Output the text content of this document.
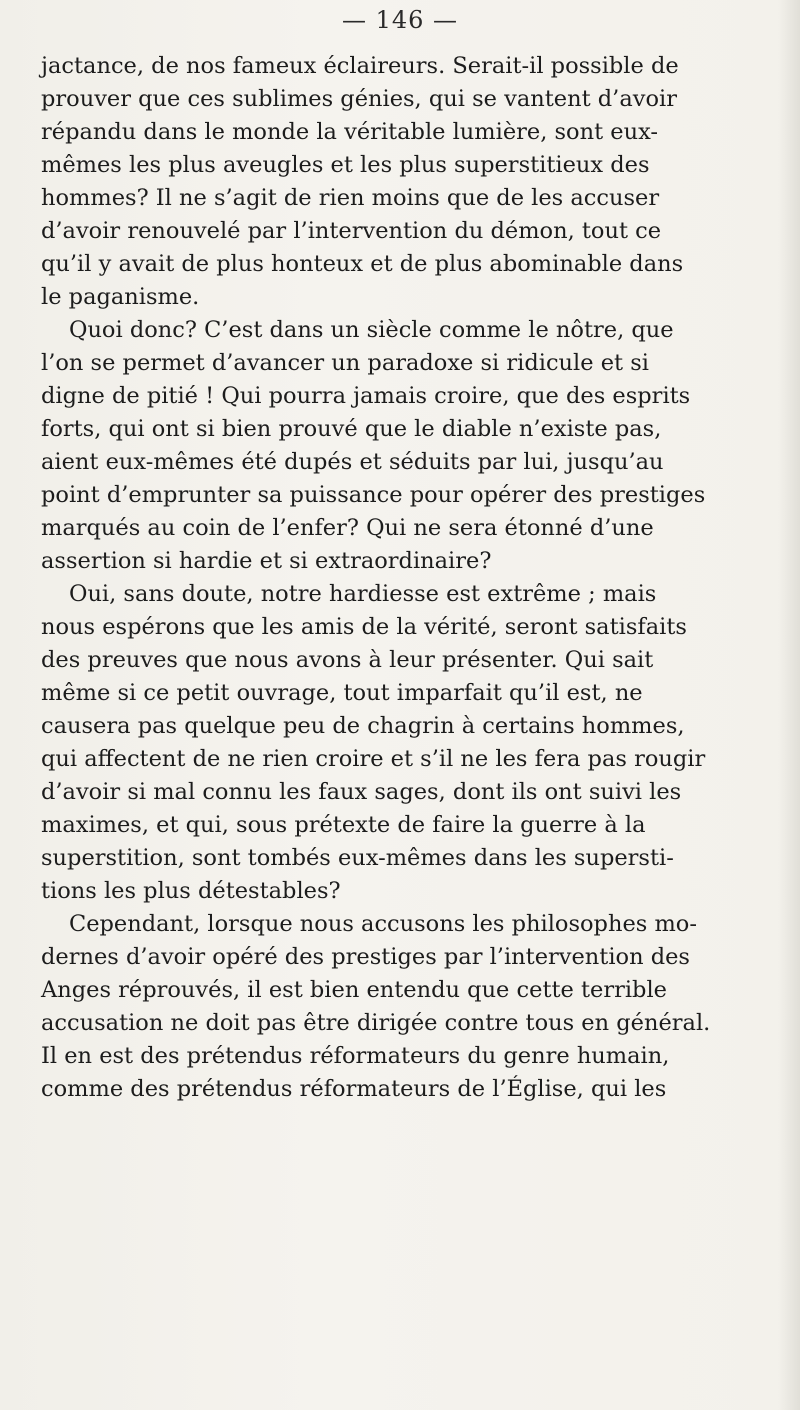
— 146 —
jactance, de nos fameux éclaireurs. Serait-il possible de
prouver que ces sublimes génies, qui se vantent d’avoir
répandu dans le monde la véritable lumière, sont eux-
mêmes les plus aveugles et les plus superstitieux des
hommes? Il ne s’agit de rien moins que de les accuser
d’avoir renouvelé par l’intervention du démon, tout ce
qu’il y avait de plus honteux et de plus abominable dans
le paganisme.
Quoi donc? C’est dans un siècle comme le nôtre, que
l’on se permet d’avancer un paradoxe si ridicule et si
digne de pitié ! Qui pourra jamais croire, que des esprits
forts, qui ont si bien prouvé que le diable n’existe pas,
aient eux-mêmes été dupés et séduits par lui, jusqu’au
point d’emprunter sa puissance pour opérer des prestiges
marqués au coin de l’enfer? Qui ne sera étonné d’une
assertion si hardie et si extraordinaire?
Oui, sans doute, notre hardiesse est extrême ; mais
nous espérons que les amis de la vérité, seront satisfaits
des preuves que nous avons à leur présenter. Qui sait
même si ce petit ouvrage, tout imparfait qu’il est, ne
causera pas quelque peu de chagrin à certains hommes,
qui affectent de ne rien croire et s’il ne les fera pas rougir
d’avoir si mal connu les faux sages, dont ils ont suivi les
maximes, et qui, sous prétexte de faire la guerre à la
superstition, sont tombés eux-mêmes dans les supersti-
tions les plus détestables?
Cependant, lorsque nous accusons les philosophes mo-
dernes d’avoir opéré des prestiges par l’intervention des
Anges réprouvés, il est bien entendu que cette terrible
accusation ne doit pas être dirigée contre tous en général.
Il en est des prétendus réformateurs du genre humain,
comme des prétendus réformateurs de l’Église, qui les
